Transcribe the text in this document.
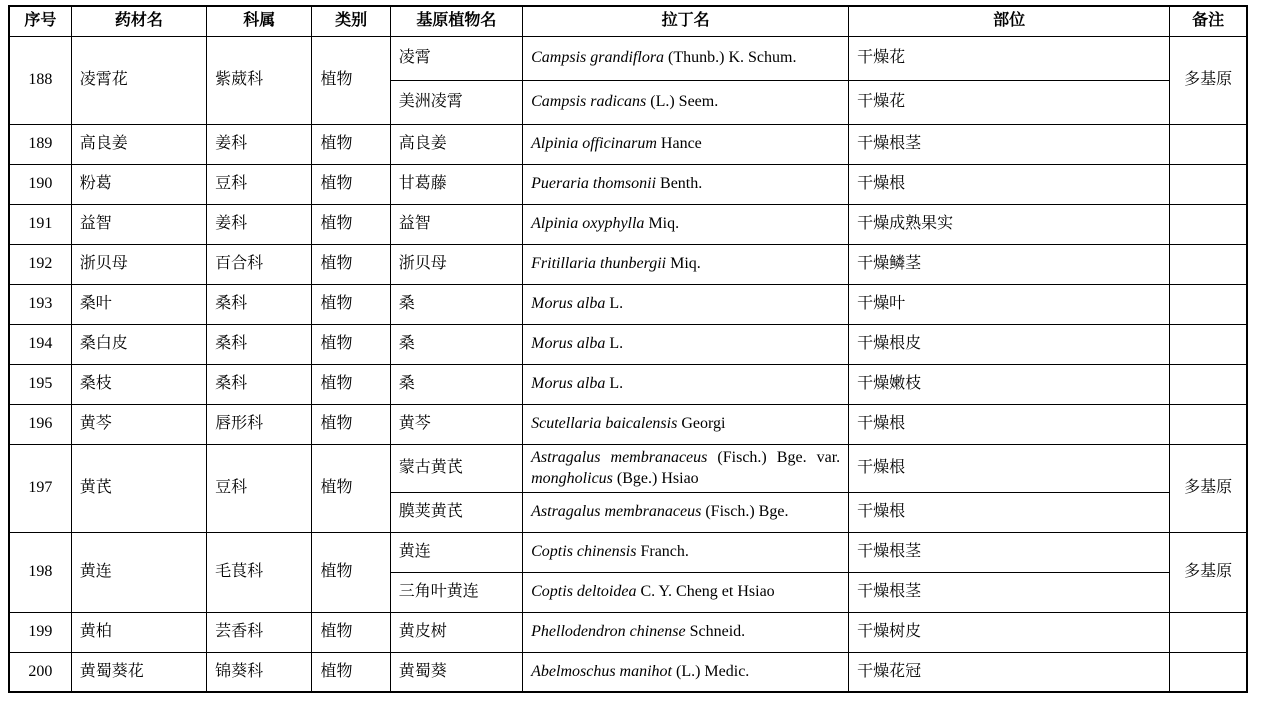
序号	药材名	科属	类别	基原植物名	拉丁名	部位	备注
188	凌霄花	紫葳科	植物	凌霄	Campsis grandiflora (Thunb.) K. Schum.	干燥花	多基原
				美洲凌霄	Campsis radicans (L.) Seem.	干燥花	
189	高良姜	姜科	植物	高良姜	Alpinia officinarum Hance	干燥根茎	
190	粉葛	豆科	植物	甘葛藤	Pueraria thomsonii Benth.	干燥根	
191	益智	姜科	植物	益智	Alpinia oxyphylla Miq.	干燥成熟果实	
192	浙贝母	百合科	植物	浙贝母	Fritillaria thunbergii Miq.	干燥鳞茎	
193	桑叶	桑科	植物	桑	Morus alba L.	干燥叶	
194	桑白皮	桑科	植物	桑	Morus alba L.	干燥根皮	
195	桑枝	桑科	植物	桑	Morus alba L.	干燥嫩枝	
196	黄芩	唇形科	植物	黄芩	Scutellaria baicalensis Georgi	干燥根	
197	黄芪	豆科	植物	蒙古黄芪	Astragalus membranaceus (Fisch.) Bge. var. mongholicus (Bge.) Hsiao	干燥根	多基原
				膜荚黄芪	Astragalus membranaceus (Fisch.) Bge.	干燥根	
198	黄连	毛茛科	植物	黄连	Coptis chinensis Franch.	干燥根茎	多基原
				三角叶黄连	Coptis deltoidea C. Y. Cheng et Hsiao	干燥根茎	
199	黄柏	芸香科	植物	黄皮树	Phellodendron chinense Schneid.	干燥树皮	
200	黄蜀葵花	锦葵科	植物	黄蜀葵	Abelmoschus manihot (L.) Medic.	干燥花冠	
